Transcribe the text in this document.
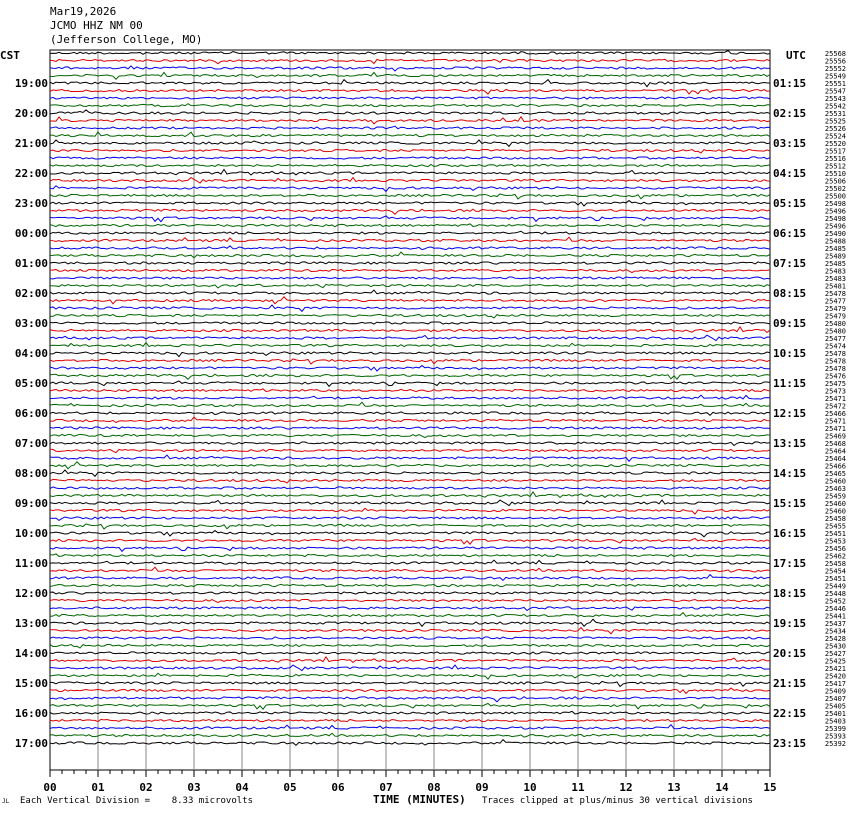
Mar19,2026
JCMO HHZ NM 00
(Jefferson College, MO)
CST	UTC	25568
25556
25552
25549
25551
25547
25543
25542
25531
25525
25526
25524
25520
25517
25516
25512
25510
25506
25502
25500
25498
25496
25498
25496
25490
25488
25485
25489
25485
25483
25483
25481
25478
25477
25479
25479
25480
25480
25477
25474
25478
25478
25478
25476
25475
25473
25471
25472
25466
25471
25471
25469
25468
25464
25464
25466
25465
25460
25463
25459
25460
25460
25458
25455
25451
25453
25456
25462
25458
25454
25451
25449
25448
25452
25446
25441
25437
25434
25428
25430
25427
25425
25421
25420
25417
25409
25407
25405
25401
25403
25399
25393
25392
19:00
20:00
21:00
22:00
23:00
00:00
01:00
02:00
03:00
04:00
05:00
06:00
07:00
08:00
09:00
10:00
11:00
12:00
13:00
14:00
15:00
16:00
17:00
01:15
02:15
03:15
04:15
05:15
06:15
07:15
08:15
09:15
10:15
11:15
12:15
13:15
14:15
15:15
16:15
17:15
18:15
19:15
20:15
21:15
22:15
23:15
00	01	02	03	04	05	06	07	08	09	10	11	12	13	14	15
JL Each Vertical Division =    8.33 microvolts	TIME (MINUTES) Traces clipped at plus/minus 30 vertical divisions
